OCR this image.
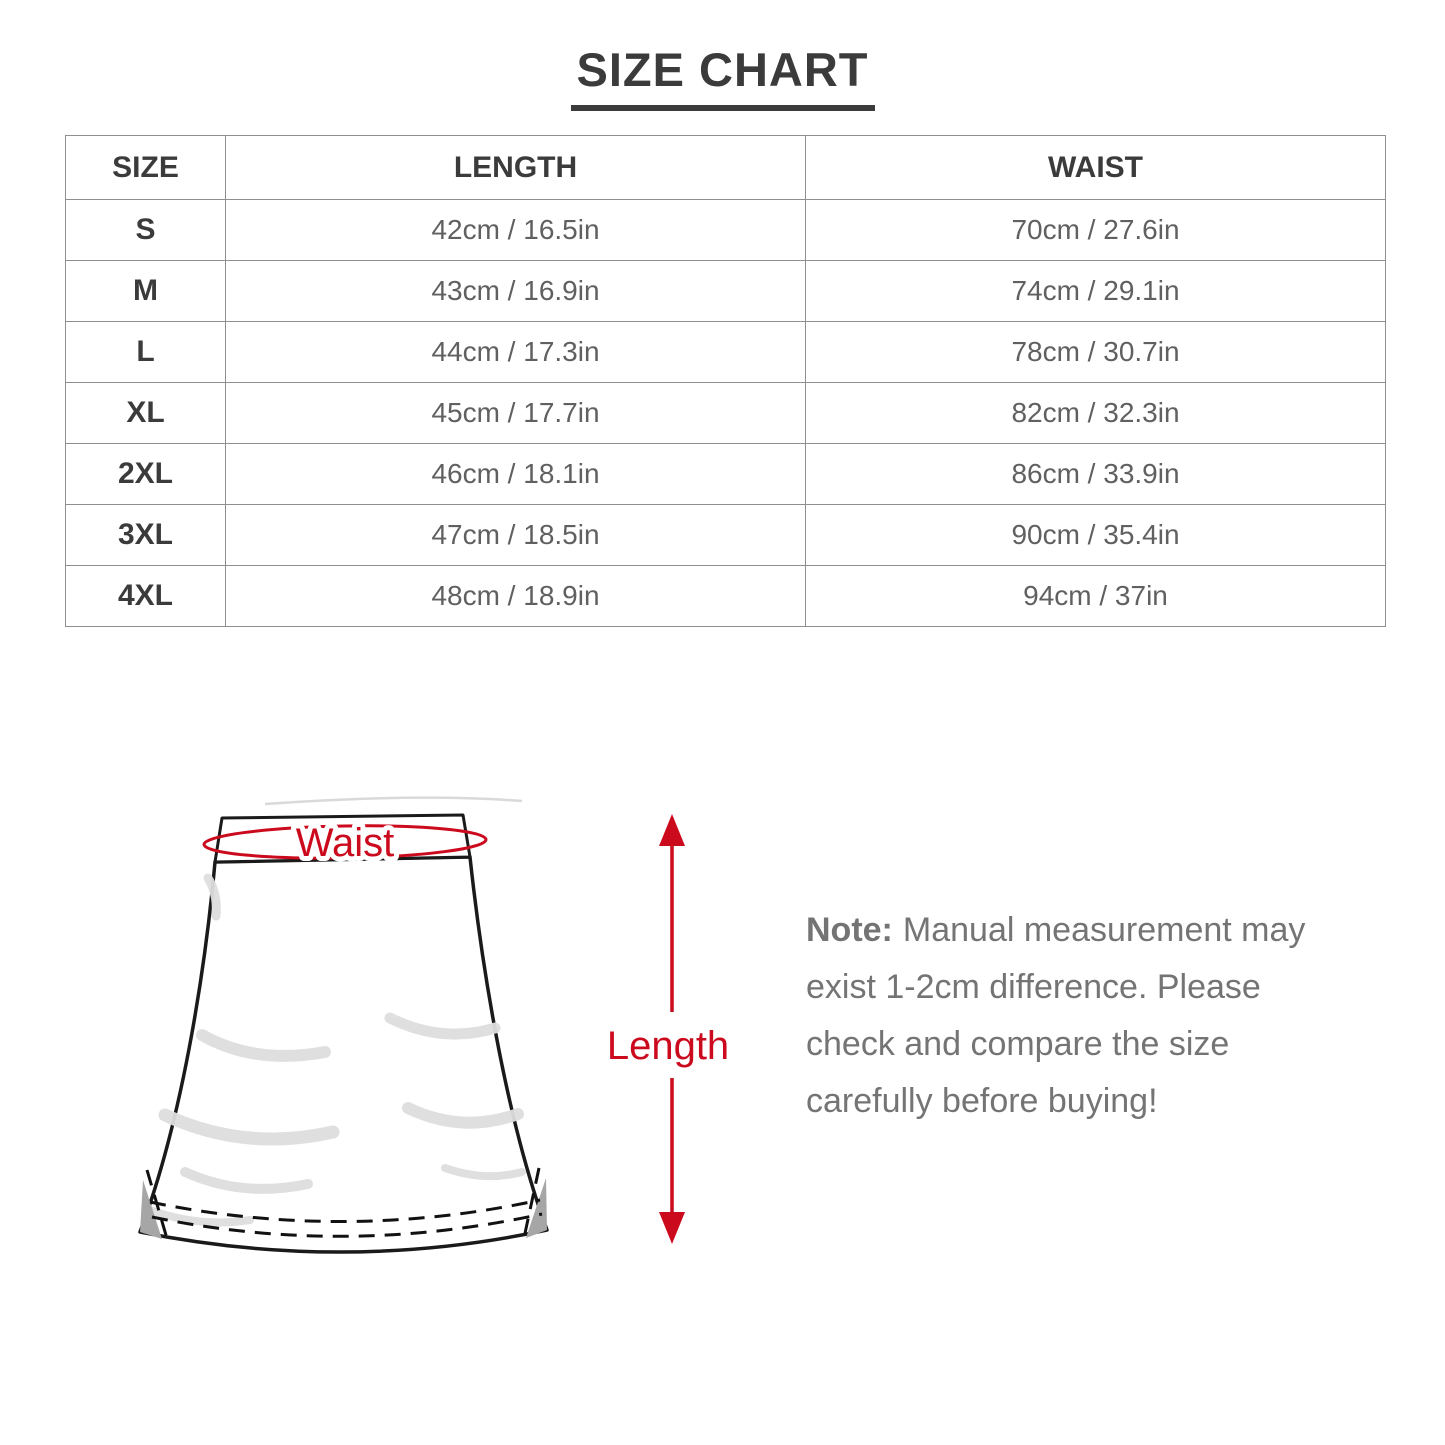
SIZE CHART
SIZE	LENGTH	WAIST
S	42cm / 16.5in	70cm / 27.6in
M	43cm / 16.9in	74cm / 29.1in
L	44cm / 17.3in	78cm / 30.7in
XL	45cm / 17.7in	82cm / 32.3in
2XL	46cm / 18.1in	86cm / 33.9in
3XL	47cm / 18.5in	90cm / 35.4in
4XL	48cm / 18.9in	94cm / 37in
Waist
Length
Note: Manual measurement may
exist 1-2cm difference. Please
check and compare the size
carefully before buying!
